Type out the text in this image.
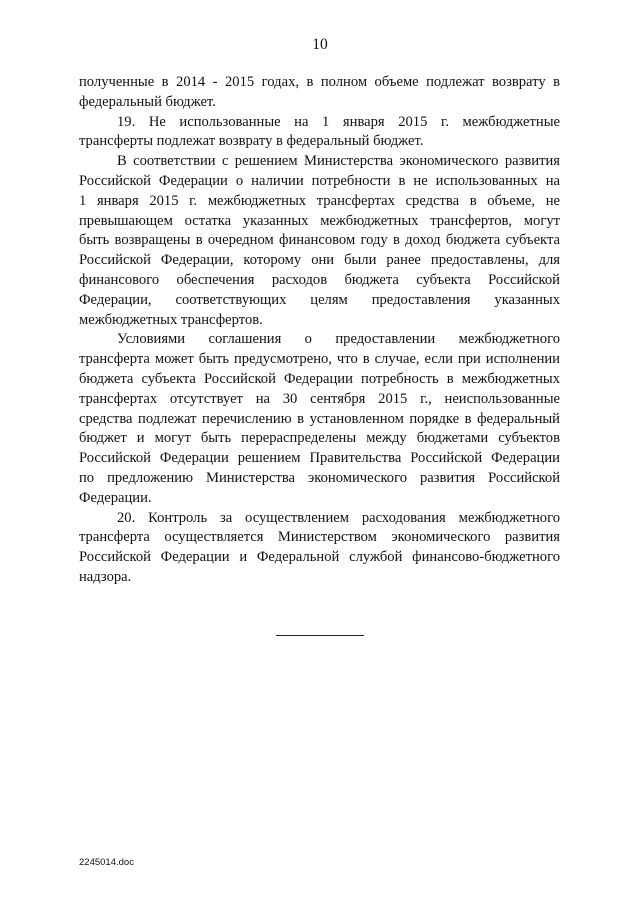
10
полученные в 2014 - 2015 годах, в полном объеме подлежат возврату в
федеральный бюджет.
19. Не использованные на 1 января 2015 г. межбюджетные
трансферты подлежат возврату в федеральный бюджет.
В соответствии с решением Министерства экономического развития
Российской Федерации о наличии потребности в не использованных на
1 января 2015 г. межбюджетных трансфертах средства в объеме, не
превышающем остатка указанных межбюджетных трансфертов, могут
быть возвращены в очередном финансовом году в доход бюджета субъекта
Российской Федерации, которому они были ранее предоставлены, для
финансового обеспечения расходов бюджета субъекта Российской
Федерации, соответствующих целям предоставления указанных
межбюджетных трансфертов.
Условиями соглашения о предоставлении межбюджетного
трансферта может быть предусмотрено, что в случае, если при исполнении
бюджета субъекта Российской Федерации потребность в межбюджетных
трансфертах отсутствует на 30 сентября 2015 г., неиспользованные
средства подлежат перечислению в установленном порядке в федеральный
бюджет и могут быть перераспределены между бюджетами субъектов
Российской Федерации решением Правительства Российской Федерации
по предложению Министерства экономического развития Российской
Федерации.
20. Контроль за осуществлением расходования межбюджетного
трансферта осуществляется Министерством экономического развития
Российской Федерации и Федеральной службой финансово-бюджетного
надзора.
2245014.doc
